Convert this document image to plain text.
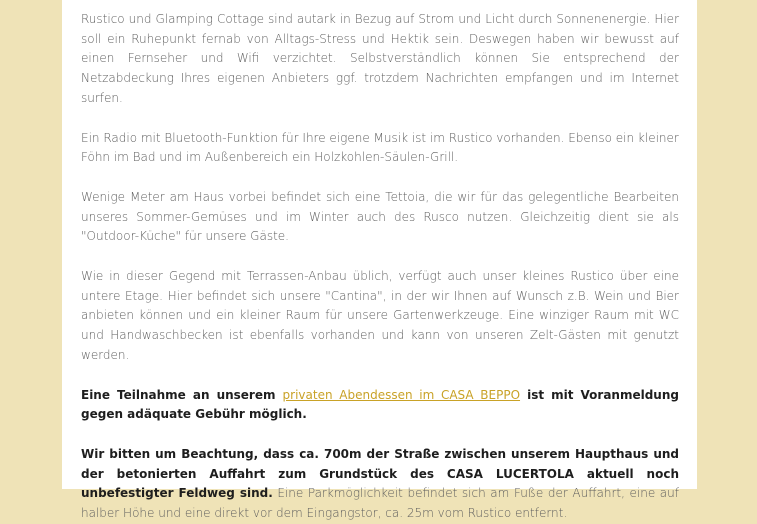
Rustico und Glamping Cottage sind autark in Bezug auf Strom und Licht durch Sonnenenergie. Hier soll ein Ruhepunkt fernab von Alltags-Stress und Hektik sein. Deswegen haben wir bewusst auf einen Fernseher und Wifi verzichtet. Selbstverständlich können Sie entsprechend der Netzabdeckung Ihres eigenen Anbieters ggf. trotzdem Nachrichten empfangen und im Internet surfen.

Ein Radio mit Bluetooth-Funktion für Ihre eigene Musik ist im Rustico vorhanden. Ebenso ein kleiner Föhn im Bad und im Außenbereich ein Holzkohlen-Säulen-Grill.

Wenige Meter am Haus vorbei befindet sich eine Tettoia, die wir für das gelegentliche Bearbeiten unseres Sommer-Gemüses und im Winter auch des Rusco nutzen. Gleichzeitig dient sie als "Outdoor-Küche" für unsere Gäste.

Wie in dieser Gegend mit Terrassen-Anbau üblich, verfügt auch unser kleines Rustico über eine untere Etage. Hier befindet sich unsere "Cantina", in der wir Ihnen auf Wunsch z.B. Wein und Bier anbieten können und ein kleiner Raum für unsere Gartenwerkzeuge. Eine winziger Raum mit WC und Handwaschbecken ist ebenfalls vorhanden und kann von unseren Zelt-Gästen mit genutzt werden.

Eine Teilnahme an unserem privaten Abendessen im CASA BEPPO ist mit Voranmeldung gegen adäquate Gebühr möglich.

Wir bitten um Beachtung, dass ca. 700m der Straße zwischen unserem Haupthaus und der betonierten Auffahrt zum Grundstück des CASA LUCERTOLA aktuell noch unbefestigter Feldweg sind. Eine Parkmöglichkeit befindet sich am Fuße der Auffahrt, eine auf halber Höhe und eine direkt vor dem Eingangstor, ca. 25m vom Rustico entfernt.
